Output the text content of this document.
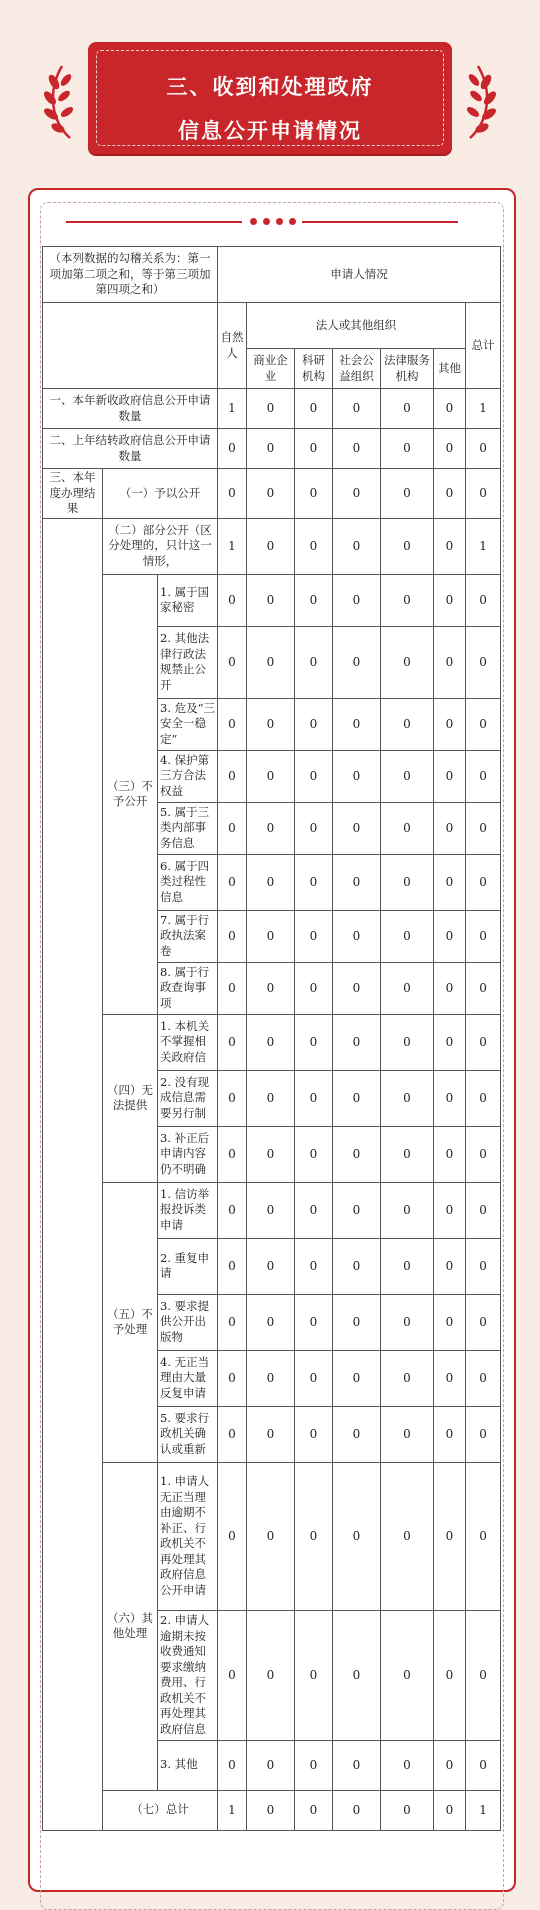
三、收到和处理政府
信息公开申请情况
（本列数据的勾稽关系为：第一项加第二项之和，等于第三项加第四项之和）			申请人情况						
			自然人	法人或其他组织					总计
				商业企业	科研机构	社会公益组织	法律服务机构	其他	
一、本年新收政府信息公开申请数量			1	0	0	0	0	0	1
二、上年结转政府信息公开申请数量			0	0	0	0	0	0	0
三、本年度办理结果	（一）予以公开		0	0	0	0	0	0	0
	（二）部分公开（区分处理的，只计这一情形，		1	0	0	0	0	0	1
	（三）不予公开	1. 属于国家秘密	0	0	0	0	0	0	0
		2. 其他法律行政法规禁止公开	0	0	0	0	0	0	0
		3. 危及“三安全一稳定”	0	0	0	0	0	0	0
		4. 保护第三方合法权益	0	0	0	0	0	0	0
		5. 属于三类内部事务信息	0	0	0	0	0	0	0
		6. 属于四类过程性信息	0	0	0	0	0	0	0
		7. 属于行政执法案卷	0	0	0	0	0	0	0
		8. 属于行政查询事项	0	0	0	0	0	0	0
	（四）无法提供	1. 本机关不掌握相关政府信	0	0	0	0	0	0	0
		2. 没有现成信息需要另行制	0	0	0	0	0	0	0
		3. 补正后申请内容仍不明确	0	0	0	0	0	0	0
	（五）不予处理	1. 信访举报投诉类申请	0	0	0	0	0	0	0
		2. 重复申请	0	0	0	0	0	0	0
		3. 要求提供公开出版物	0	0	0	0	0	0	0
		4. 无正当理由大量反复申请	0	0	0	0	0	0	0
		5. 要求行政机关确认或重新	0	0	0	0	0	0	0
	（六）其他处理	1. 申请人无正当理由逾期不补正、行政机关不再处理其政府信息公开申请	0	0	0	0	0	0	0
		2. 申请人逾期未按收费通知要求缴纳费用、行政机关不再处理其政府信息	0	0	0	0	0	0	0
		3. 其他	0	0	0	0	0	0	0
	（七）总计		1	0	0	0	0	0	1
